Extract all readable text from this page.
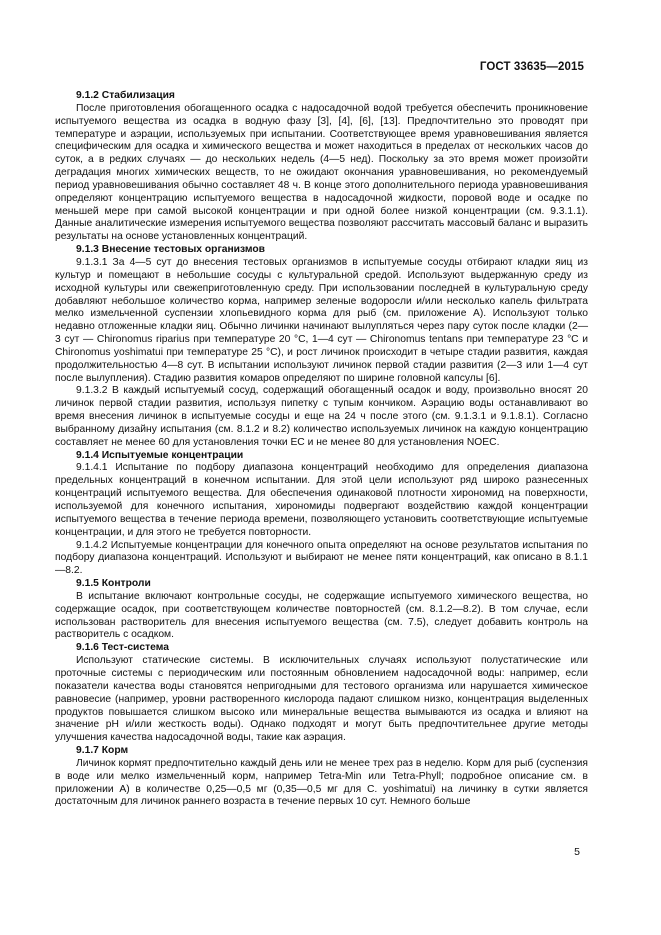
ГОСТ 33635—2015

9.1.2 Стабилизация

После приготовления обогащенного осадка с надосадочной водой требуется обеспечить проникновение испытуемого вещества из осадка в водную фазу [3], [4], [6], [13]. Предпочтительно это проводят при температуре и аэрации, используемых при испытании. Соответствующее время уравновешивания является специфическим для осадка и химического вещества и может находиться в пределах от нескольких часов до суток, а в редких случаях — до нескольких недель (4—5 нед). Поскольку за это время может произойти деградация многих химических веществ, то не ожидают окончания уравновешивания, но рекомендуемый период уравновешивания обычно составляет 48 ч. В конце этого дополнительного периода уравновешивания определяют концентрацию испытуемого вещества в надосадочной жидкости, поровой воде и осадке по меньшей мере при самой высокой концентрации и при одной более низкой концентрации (см. 9.3.1.1). Данные аналитические измерения испытуемого вещества позволяют рассчитать массовый баланс и выразить результаты на основе установленных концентраций.

9.1.3 Внесение тестовых организмов

9.1.3.1 За 4—5 сут до внесения тестовых организмов в испытуемые сосуды отбирают кладки яиц из культур и помещают в небольшие сосуды с культуральной средой. Используют выдержанную среду из исходной культуры или свежеприготовленную среду. При использовании последней в культуральную среду добавляют небольшое количество корма, например зеленые водоросли и/или несколько капель фильтрата мелко измельченной суспензии хлопьевидного корма для рыб (см. приложение А). Используют только недавно отложенные кладки яиц. Обычно личинки начинают вылупляться через пару суток после кладки (2—3 сут — Chironomus riparius при температуре 20 °С, 1—4 сут — Chironomus tentans при температуре 23 °С и Chironomus yoshimatui при температуре 25 °С), и рост личинок происходит в четыре стадии развития, каждая продолжительностью 4—8 сут. В испытании используют личинок первой стадии развития (2—3 или 1—4 сут после вылупления). Стадию развития комаров определяют по ширине головной капсулы [6].

9.1.3.2 В каждый испытуемый сосуд, содержащий обогащенный осадок и воду, произвольно вносят 20 личинок первой стадии развития, используя пипетку с тупым кончиком. Аэрацию воды останавливают во время внесения личинок в испытуемые сосуды и еще на 24 ч после этого (см. 9.1.3.1 и 9.1.8.1). Согласно выбранному дизайну испытания (см. 8.1.2 и 8.2) количество используемых личинок на каждую концентрацию составляет не менее 60 для установления точки ЕС и не менее 80 для установления NOEC.

9.1.4 Испытуемые концентрации

9.1.4.1 Испытание по подбору диапазона концентраций необходимо для определения диапазона предельных концентраций в конечном испытании. Для этой цели используют ряд широко разнесенных концентраций испытуемого вещества. Для обеспечения одинаковой плотности хирономид на поверхности, используемой для конечного испытания, хирономиды подвергают воздействию каждой концентрации испытуемого вещества в течение периода времени, позволяющего установить соответствующие испытуемые концентрации, и для этого не требуется повторности.

9.1.4.2 Испытуемые концентрации для конечного опыта определяют на основе результатов испытания по подбору диапазона концентраций. Используют и выбирают не менее пяти концентраций, как описано в 8.1.1—8.2.

9.1.5 Контроли

В испытание включают контрольные сосуды, не содержащие испытуемого химического вещества, но содержащие осадок, при соответствующем количестве повторностей (см. 8.1.2—8.2). В том случае, если использован растворитель для внесения испытуемого вещества (см. 7.5), следует добавить контроль на растворитель с осадком.

9.1.6 Тест-система

Используют статические системы. В исключительных случаях используют полустатические или проточные системы с периодическим или постоянным обновлением надосадочной воды: например, если показатели качества воды становятся непригодными для тестового организма или нарушается химическое равновесие (например, уровни растворенного кислорода падают слишком низко, концентрация выделенных продуктов повышается слишком высоко или минеральные вещества вымываются из осадка и влияют на значение рН и/или жесткость воды). Однако подходят и могут быть предпочтительнее другие методы улучшения качества надосадочной воды, такие как аэрация.

9.1.7 Корм

Личинок кормят предпочтительно каждый день или не менее трех раз в неделю. Корм для рыб (суспензия в воде или мелко измельченный корм, например Tetra-Min или Tetra-Phyll; подробное описание см. в приложении А) в количестве 0,25—0,5 мг (0,35—0,5 мг для C. yoshimatui) на личинку в сутки является достаточным для личинок раннего возраста в течение первых 10 сут. Немного больше

5
